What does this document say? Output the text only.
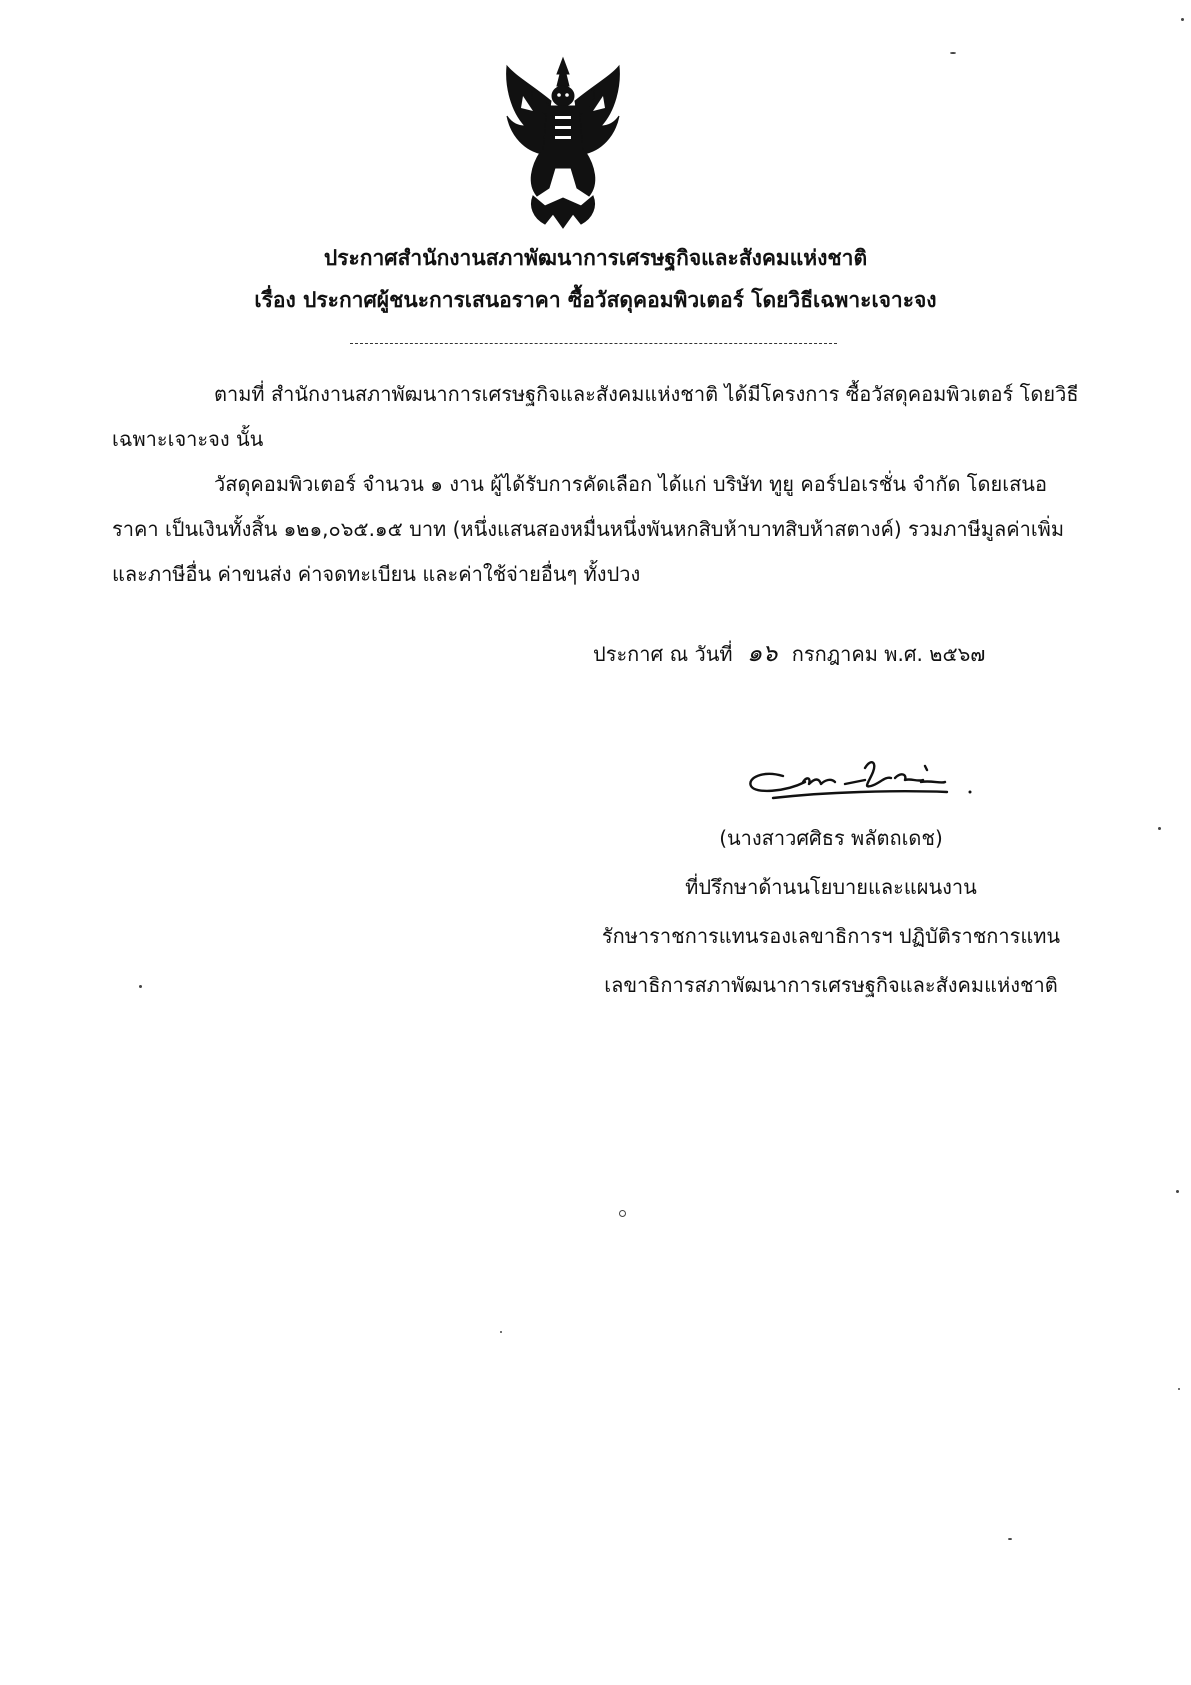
ประกาศสำนักงานสภาพัฒนาการเศรษฐกิจและสังคมแห่งชาติ
เรื่อง ประกาศผู้ชนะการเสนอราคา ซื้อวัสดุคอมพิวเตอร์ โดยวิธีเฉพาะเจาะจง
ตามที่ สำนักงานสภาพัฒนาการเศรษฐกิจและสังคมแห่งชาติ ได้มีโครงการ ซื้อวัสดุคอมพิวเตอร์ โดยวิธี
เฉพาะเจาะจง นั้น
วัสดุคอมพิวเตอร์ จำนวน ๑ งาน ผู้ได้รับการคัดเลือก ได้แก่ บริษัท ทูยู คอร์ปอเรชั่น จำกัด โดยเสนอ
ราคา เป็นเงินทั้งสิ้น ๑๒๑,๐๖๕.๑๕ บาท (หนึ่งแสนสองหมื่นหนึ่งพันหกสิบห้าบาทสิบห้าสตางค์) รวมภาษีมูลค่าเพิ่ม
และภาษีอื่น ค่าขนส่ง ค่าจดทะเบียน และค่าใช้จ่ายอื่นๆ ทั้งปวง
ประกาศ ณ วันที่ ๑๖ กรกฎาคม พ.ศ. ๒๕๖๗
(นางสาวศศิธร พลัตถเดช)
ที่ปรึกษาด้านนโยบายและแผนงาน
รักษาราชการแทนรองเลขาธิการฯ ปฏิบัติราชการแทน
เลขาธิการสภาพัฒนาการเศรษฐกิจและสังคมแห่งชาติ
